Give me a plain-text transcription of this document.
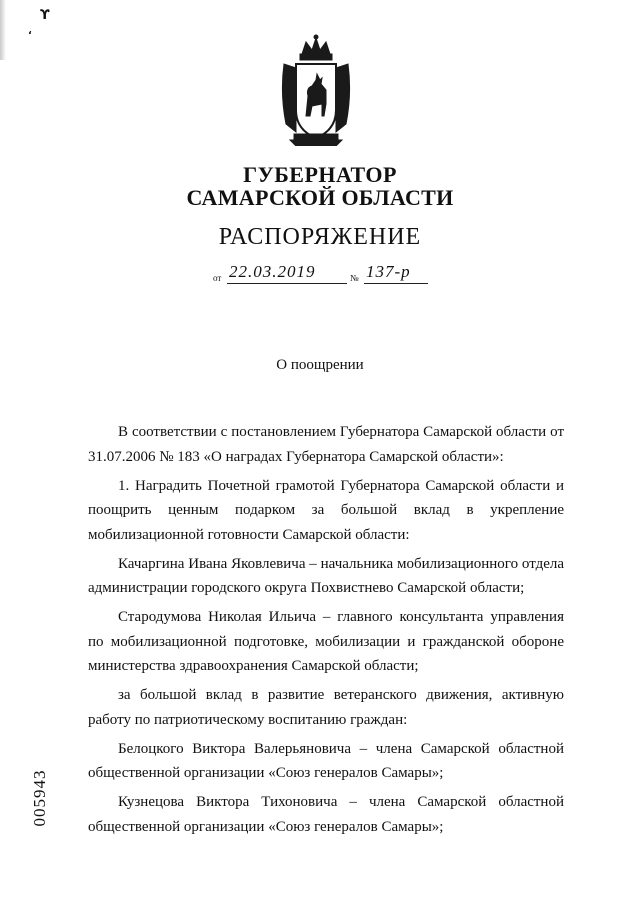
ϒ
ʻ
ГУБЕРНАТОР
САМАРСКОЙ ОБЛАСТИ
РАСПОРЯЖЕНИЕ
от 22.03.2019	№ 137-р
О поощрении

В соответствии с постановлением Губернатора Самарской области от 31.07.2006 № 183 «О наградах Губернатора Самарской области»:

1. Наградить Почетной грамотой Губернатора Самарской области и поощрить ценным подарком за большой вклад в укрепление мобилизационной готовности Самарской области:

Качаргина Ивана Яковлевича – начальника мобилизационного отдела администрации городского округа Похвистнево Самарской области;

Стародумова Николая Ильича – главного консультанта управления по мобилизационной подготовке, мобилизации и гражданской обороне министерства здравоохранения Самарской области;

за большой вклад в развитие ветеранского движения, активную работу по патриотическому воспитанию граждан:

Белоцкого Виктора Валерьяновича – члена Самарской областной общественной организации «Союз генералов Самары»;

Кузнецова Виктора Тихоновича – члена Самарской областной общественной организации «Союз генералов Самары»;

005943
